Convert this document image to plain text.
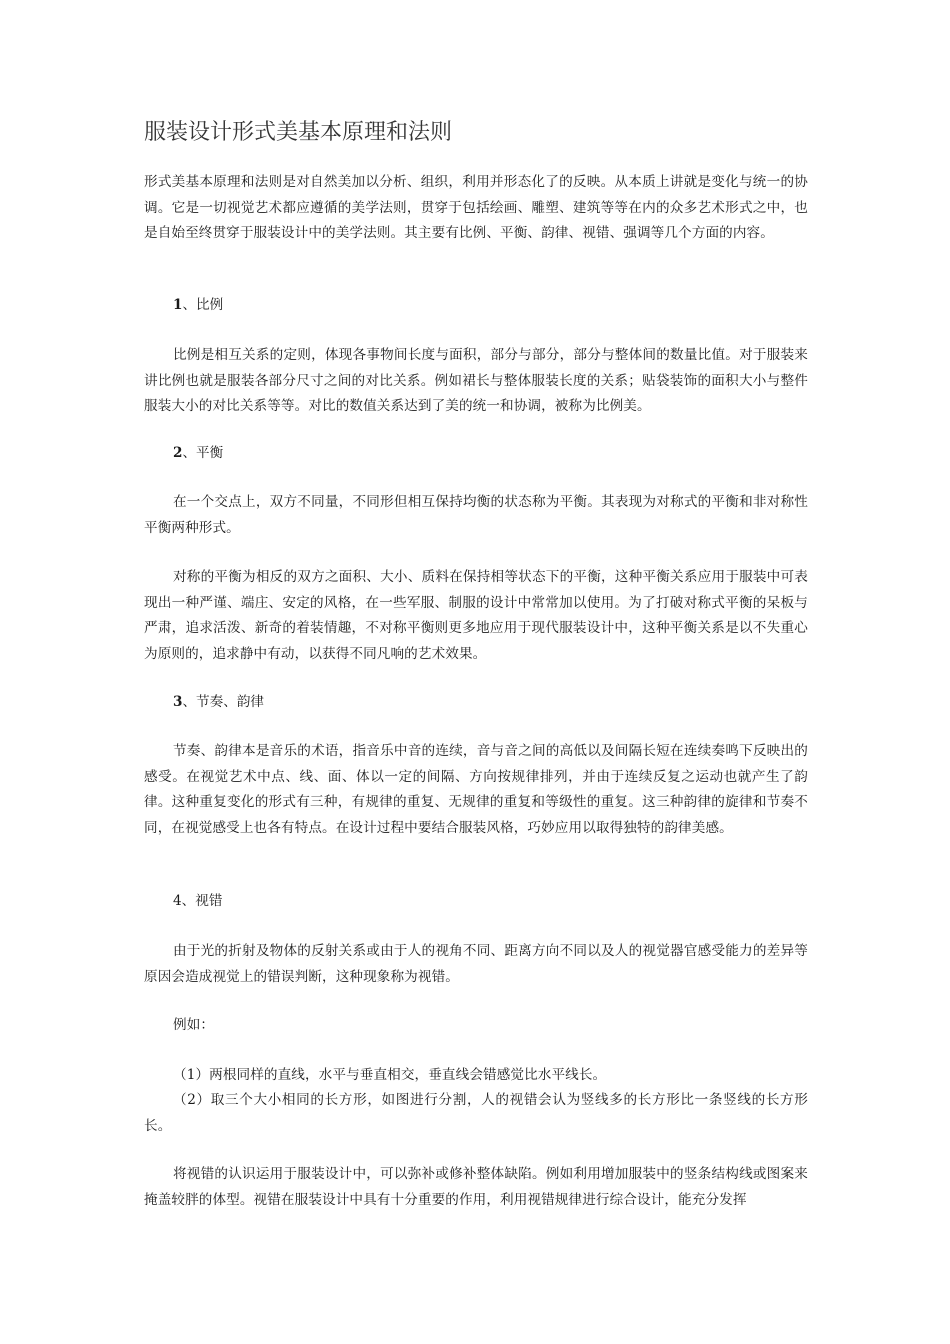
服装设计形式美基本原理和法则
形式美基本原理和法则是对自然美加以分析、组织，利用并形态化了的反映。从本质上讲就是变化与统一的协调。它是一切视觉艺术都应遵循的美学法则，贯穿于包括绘画、雕塑、建筑等等在内的众多艺术形式之中，也是自始至终贯穿于服装设计中的美学法则。其主要有比例、平衡、韵律、视错、强调等几个方面的内容。
1、比例
比例是相互关系的定则，体现各事物间长度与面积，部分与部分，部分与整体间的数量比值。对于服装来讲比例也就是服装各部分尺寸之间的对比关系。例如裙长与整体服装长度的关系；贴袋装饰的面积大小与整件服装大小的对比关系等等。对比的数值关系达到了美的统一和协调，被称为比例美。
2、平衡
在一个交点上，双方不同量，不同形但相互保持均衡的状态称为平衡。其表现为对称式的平衡和非对称性平衡两种形式。
对称的平衡为相反的双方之面积、大小、质料在保持相等状态下的平衡，这种平衡关系应用于服装中可表现出一种严谨、端庄、安定的风格，在一些军服、制服的设计中常常加以使用。为了打破对称式平衡的呆板与严肃，追求活泼、新奇的着装情趣，不对称平衡则更多地应用于现代服装设计中，这种平衡关系是以不失重心为原则的，追求静中有动，以获得不同凡响的艺术效果。
3、节奏、韵律
节奏、韵律本是音乐的术语，指音乐中音的连续，音与音之间的高低以及间隔长短在连续奏鸣下反映出的感受。在视觉艺术中点、线、面、体以一定的间隔、方向按规律排列，并由于连续反复之运动也就产生了韵律。这种重复变化的形式有三种，有规律的重复、无规律的重复和等级性的重复。这三种韵律的旋律和节奏不同，在视觉感受上也各有特点。在设计过程中要结合服装风格，巧妙应用以取得独特的韵律美感。
4、视错
由于光的折射及物体的反射关系或由于人的视角不同、距离方向不同以及人的视觉器官感受能力的差异等原因会造成视觉上的错误判断，这种现象称为视错。
例如：
（1）两根同样的直线，水平与垂直相交，垂直线会错感觉比水平线长。
（2）取三个大小相同的长方形，如图进行分割，人的视错会认为竖线多的长方形比一条竖线的长方形长。
将视错的认识运用于服装设计中，可以弥补或修补整体缺陷。例如利用增加服装中的竖条结构线或图案来掩盖较胖的体型。视错在服装设计中具有十分重要的作用，利用视错规律进行综合设计，能充分发挥
